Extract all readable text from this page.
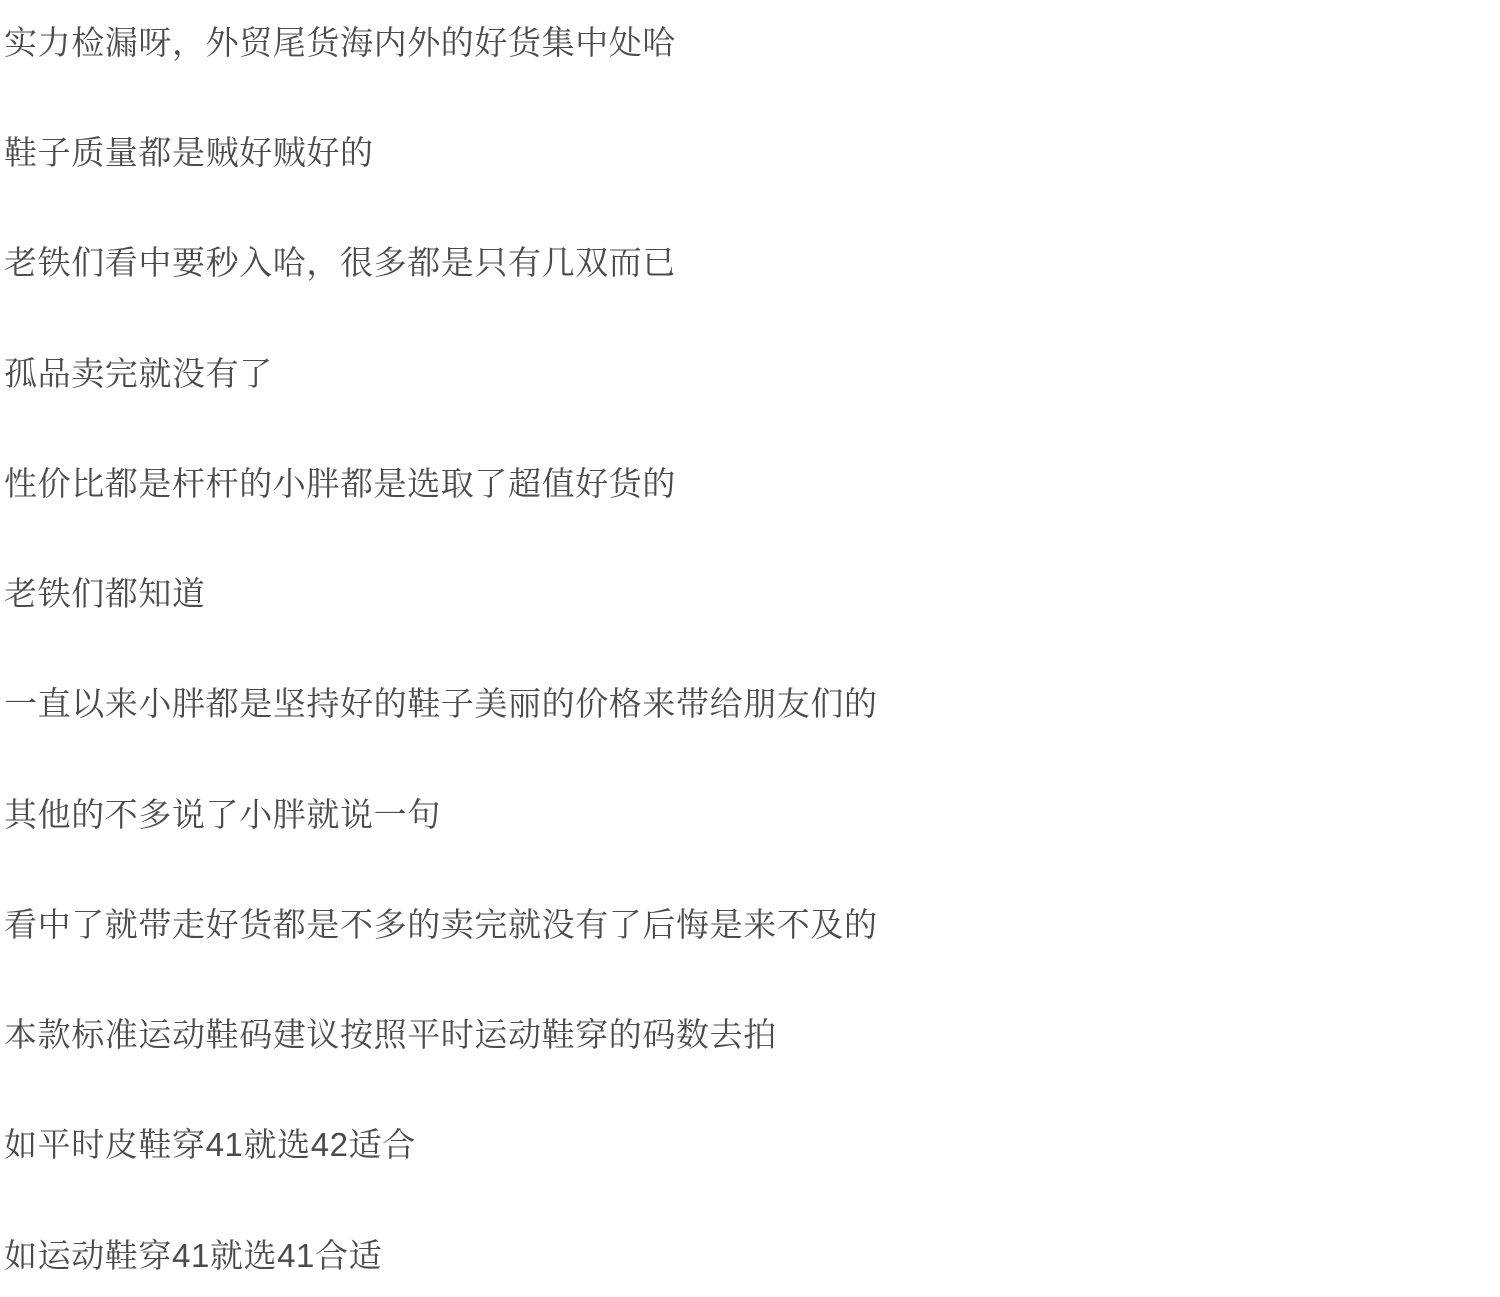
实力检漏呀，外贸尾货海内外的好货集中处哈

鞋子质量都是贼好贼好的

老铁们看中要秒入哈，很多都是只有几双而已

孤品卖完就没有了

性价比都是杆杆的小胖都是选取了超值好货的

老铁们都知道

一直以来小胖都是坚持好的鞋子美丽的价格来带给朋友们的

其他的不多说了小胖就说一句

看中了就带走好货都是不多的卖完就没有了后悔是来不及的

本款标准运动鞋码建议按照平时运动鞋穿的码数去拍

如平时皮鞋穿41就选42适合

如运动鞋穿41就选41合适
